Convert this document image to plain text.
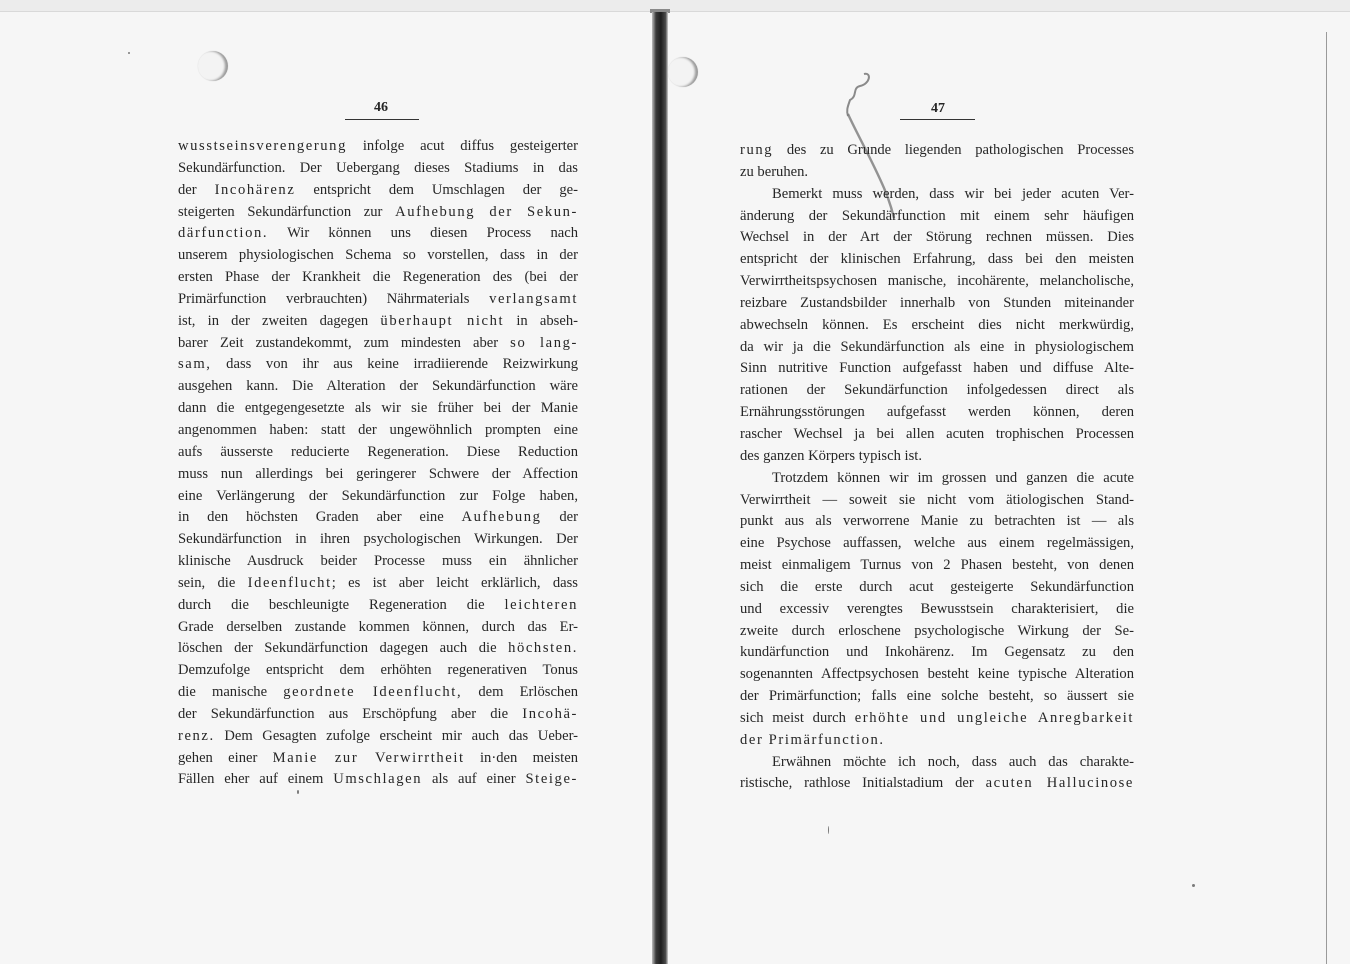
46	47
wusstseinsverengerung infolge acut diffus gesteigerter
Sekundärfunction. Der Uebergang dieses Stadiums in das
der Incohärenz entspricht dem Umschlagen der ge-
steigerten Sekundärfunction zur Aufhebung der Sekun-
därfunction. Wir können uns diesen Process nach
unserem physiologischen Schema so vorstellen, dass in der
ersten Phase der Krankheit die Regeneration des (bei der
Primärfunction verbrauchten) Nährmaterials verlangsamt
ist, in der zweiten dagegen überhaupt nicht in abseh-
barer Zeit zustandekommt, zum mindesten aber so lang-
sam, dass von ihr aus keine irradiierende Reizwirkung
ausgehen kann. Die Alteration der Sekundärfunction wäre
dann die entgegengesetzte als wir sie früher bei der Manie
angenommen haben: statt der ungewöhnlich prompten eine
aufs äusserste reducierte Regeneration. Diese Reduction
muss nun allerdings bei geringerer Schwere der Affection
eine Verlängerung der Sekundärfunction zur Folge haben,
in den höchsten Graden aber eine Aufhebung der
Sekundärfunction in ihren psychologischen Wirkungen. Der
klinische Ausdruck beider Processe muss ein ähnlicher
sein, die Ideenflucht; es ist aber leicht erklärlich, dass
durch die beschleunigte Regeneration die leichteren
Grade derselben zustande kommen können, durch das Er-
löschen der Sekundärfunction dagegen auch die höchsten.
Demzufolge entspricht dem erhöhten regenerativen Tonus
die manische geordnete Ideenflucht, dem Erlöschen
der Sekundärfunction aus Erschöpfung aber die Incohä-
renz. Dem Gesagten zufolge erscheint mir auch das Ueber-
gehen einer Manie zur Verwirrtheit in·den meisten
Fällen eher auf einem Umschlagen als auf einer Steige-
rung des zu Grunde liegenden pathologischen Processes
zu beruhen.
Bemerkt muss werden, dass wir bei jeder acuten Ver-
änderung der Sekundärfunction mit einem sehr häufigen
Wechsel in der Art der Störung rechnen müssen. Dies
entspricht der klinischen Erfahrung, dass bei den meisten
Verwirrtheitspsychosen manische, incohärente, melancholische,
reizbare Zustandsbilder innerhalb von Stunden miteinander
abwechseln können. Es erscheint dies nicht merkwürdig,
da wir ja die Sekundärfunction als eine in physiologischem
Sinn nutritive Function aufgefasst haben und diffuse Alte-
rationen der Sekundärfunction infolgedessen direct als
Ernährungsstörungen aufgefasst werden können, deren
rascher Wechsel ja bei allen acuten trophischen Processen
des ganzen Körpers typisch ist.
Trotzdem können wir im grossen und ganzen die acute
Verwirrtheit — soweit sie nicht vom ätiologischen Stand-
punkt aus als verworrene Manie zu betrachten ist — als
eine Psychose auffassen, welche aus einem regelmässigen,
meist einmaligem Turnus von 2 Phasen besteht, von denen
sich die erste durch acut gesteigerte Sekundärfunction
und excessiv verengtes Bewusstsein charakterisiert, die
zweite durch erloschene psychologische Wirkung der Se-
kundärfunction und Inkohärenz. Im Gegensatz zu den
sogenannten Affectpsychosen besteht keine typische Alteration
der Primärfunction; falls eine solche besteht, so äussert sie
sich meist durch erhöhte und ungleiche Anregbarkeit
der Primärfunction.
Erwähnen möchte ich noch, dass auch das charakte-
ristische, rathlose Initialstadium der acuten Hallucinose
